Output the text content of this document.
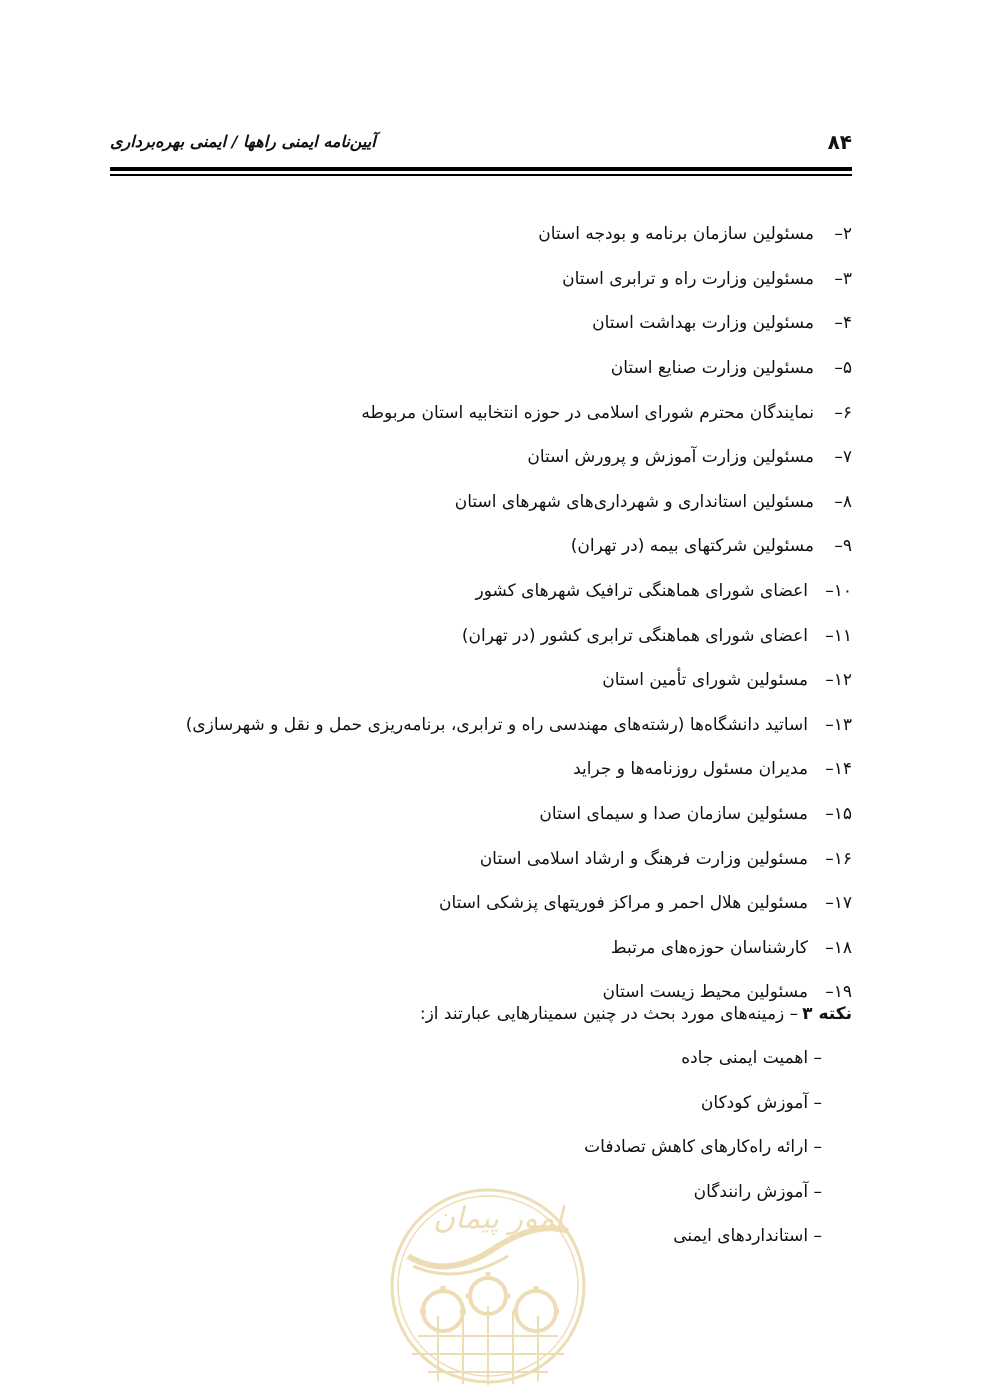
۸۴
آیین‌نامه ایمنی راهها / ایمنی بهره‌برداری
۲–
مسئولین سازمان برنامه و بودجه استان
۳–
مسئولین وزارت راه و ترابری استان
۴–
مسئولین وزارت بهداشت استان
۵–
مسئولین وزارت صنایع استان
۶–
نمایندگان محترم شورای اسلامی در حوزه انتخابیه استان مربوطه
۷–
مسئولین وزارت آموزش و پرورش استان
۸–
مسئولین استانداری و شهرداری‌های شهرهای استان
۹–
مسئولین شرکتهای بیمه (در تهران)
۱۰–
اعضای شورای هماهنگی ترافیک شهرهای کشور
۱۱–
اعضای شورای هماهنگی ترابری کشور (در تهران)
۱۲–
مسئولین شورای تأمین استان
۱۳–
اساتید دانشگاه‌ها (رشته‌های مهندسی راه و ترابری، برنامه‌ریزی حمل و نقل و شهرسازی)
۱۴–
مدیران مسئول روزنامه‌ها و جراید
۱۵–
مسئولین سازمان صدا و سیمای استان
۱۶–
مسئولین وزارت فرهنگ و ارشاد اسلامی استان
۱۷–
مسئولین هلال احمر و مراکز فوریتهای پزشکی استان
۱۸–
کارشناسان حوزه‌های مرتبط
۱۹–
مسئولین محیط زیست استان
نکته ۳
– زمینه‌های مورد بحث در چنین سمینارهایی عبارتند از:
– اهمیت ایمنی جاده
– آموزش کودکان
– ارائه راه‌کارهای کاهش تصادفات
– آموزش رانندگان
– استانداردهای ایمنی
امور پیمان
